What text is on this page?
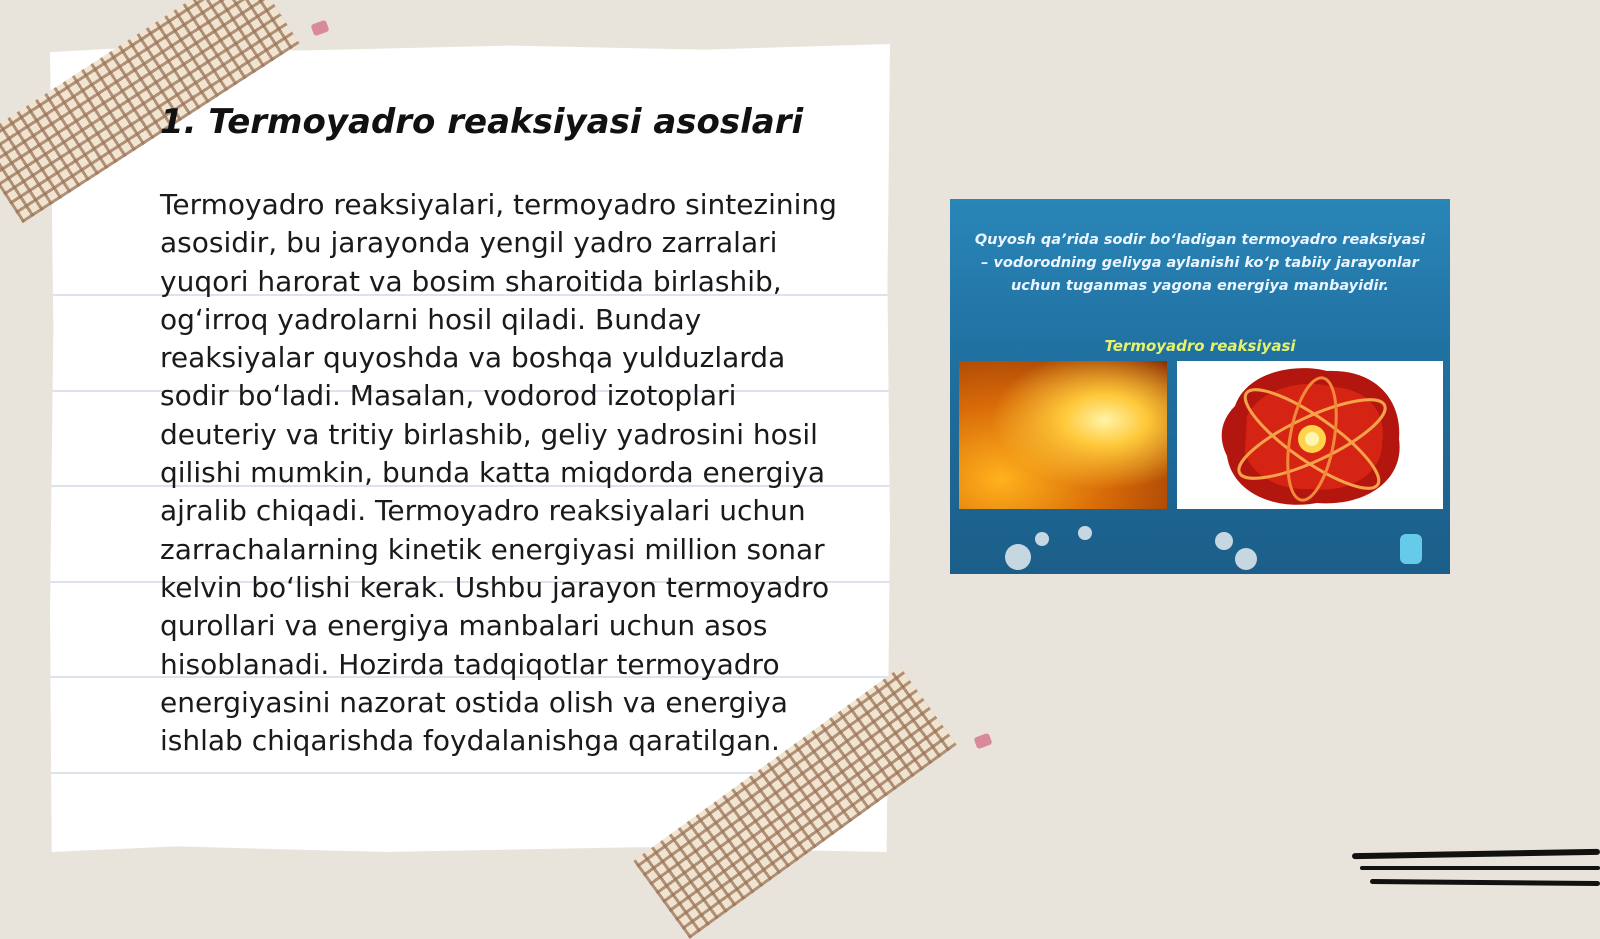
1. Termoyadro reaksiyasi asoslari

Termoyadro reaksiyalari, termoyadro sintezining asosidir, bu jarayonda yengil yadro zarralari yuqori harorat va bosim sharoitida birlashib, ogʻirroq yadrolarni hosil qiladi. Bunday reaksiyalar quyoshda va boshqa yulduzlarda sodir boʻladi. Masalan, vodorod izotoplari deuteriy va tritiy birlashib, geliy yadrosini hosil qilishi mumkin, bunda katta miqdorda energiya ajralib chiqadi. Termoyadro reaksiyalari uchun zarrachalarning kinetik energiyasi million sonar kelvin boʻlishi kerak. Ushbu jarayon termoyadro qurollari va energiya manbalari uchun asos hisoblanadi. Hozirda tadqiqotlar termoyadro energiyasini nazorat ostida olish va energiya ishlab chiqarishda foydalanishga qaratilgan.

Quyosh qaʼrida sodir boʻladigan termoyadro reaksiyasi – vodorodning geliyga aylanishi koʻp tabiiy jarayonlar uchun tuganmas yagona energiya manbayidir.

Termoyadro reaksiyasi
